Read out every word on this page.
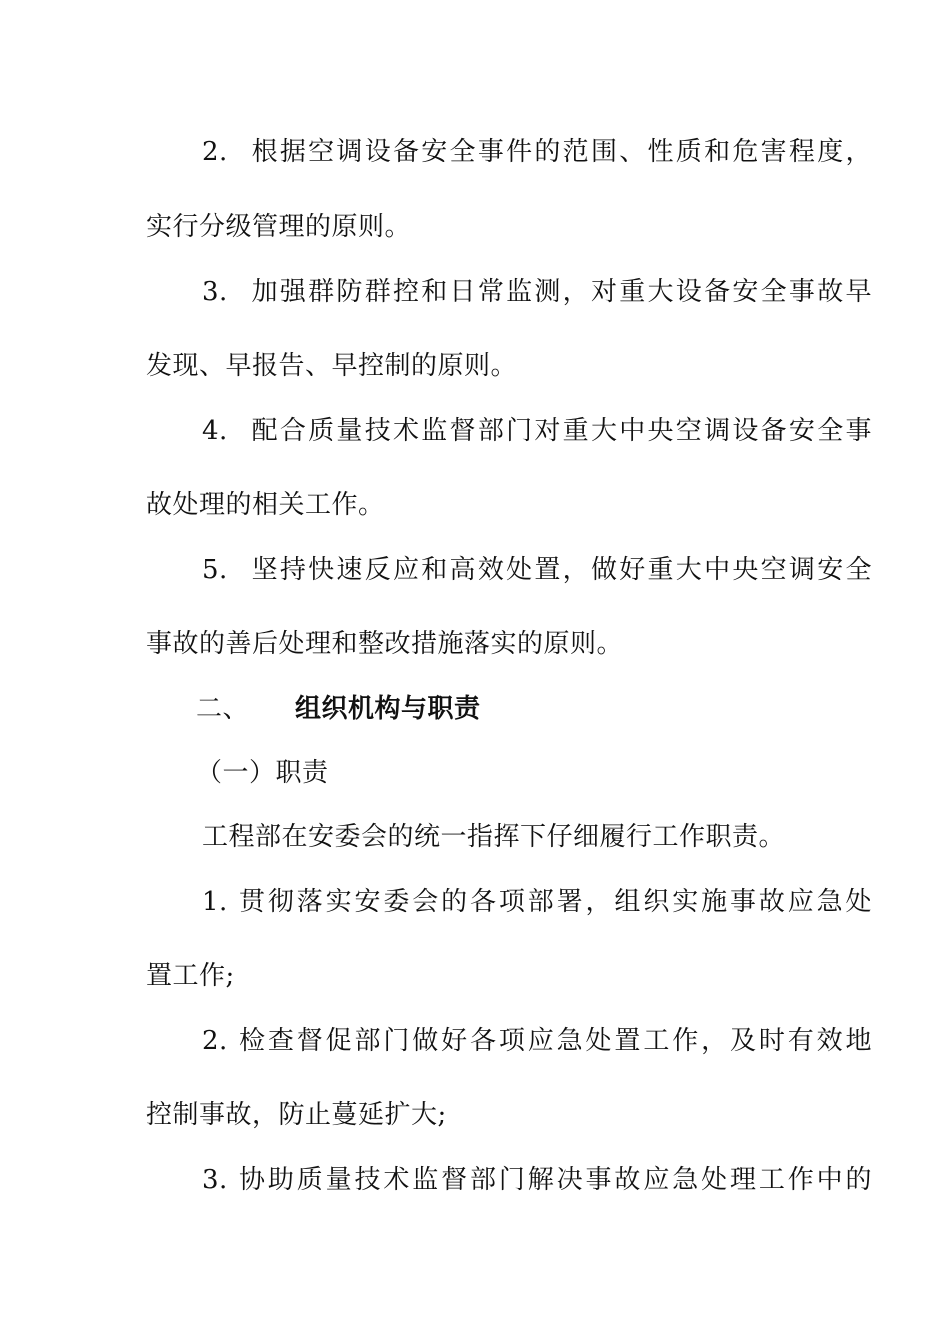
2. 根据空调设备安全事件的范围、性质和危害程度，
实行分级管理的原则。
3. 加强群防群控和日常监测，对重大设备安全事故早
发现、早报告、早控制的原则。
4. 配合质量技术监督部门对重大中央空调设备安全事
故处理的相关工作。
5. 坚持快速反应和高效处置，做好重大中央空调安全
事故的善后处理和整改措施落实的原则。
二、 组织机构与职责
（一）职责
工程部在安委会的统一指挥下仔细履行工作职责。
1. 贯彻落实安委会的各项部署，组织实施事故应急处
置工作;
2. 检查督促部门做好各项应急处置工作，及时有效地
控制事故，防止蔓延扩大;
3. 协助质量技术监督部门解决事故应急处理工作中的
